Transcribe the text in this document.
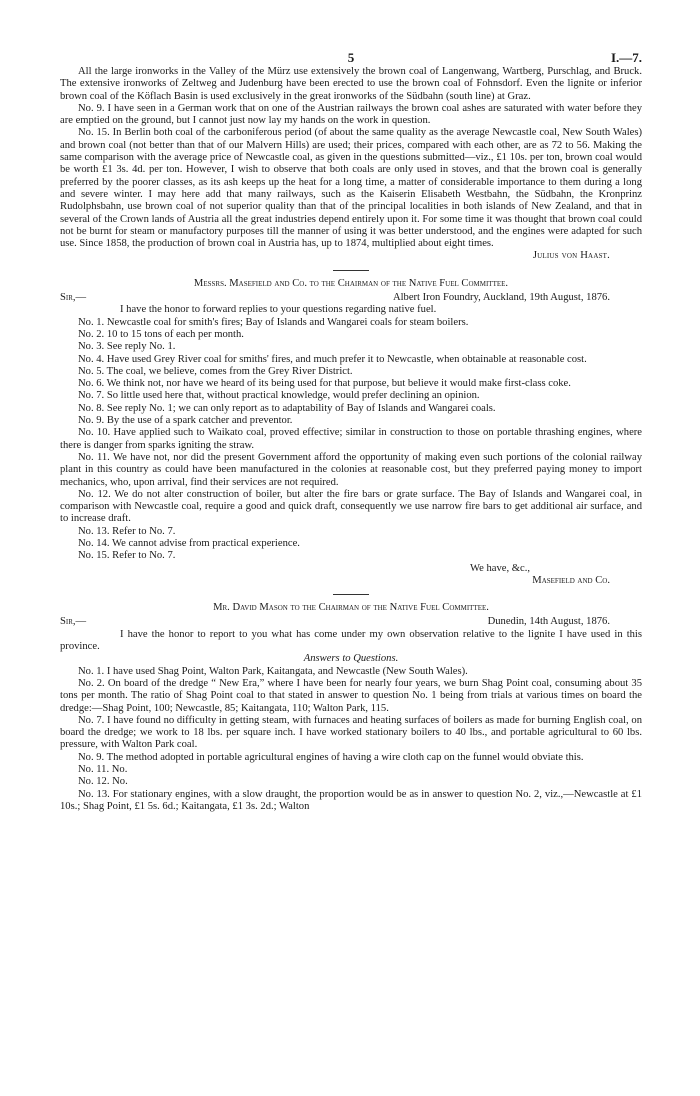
5	I.—7.

All the large ironworks in the Valley of the Mürz use extensively the brown coal of Langenwang, Wartberg, Purschlag, and Bruck. The extensive ironworks of Zeltweg and Judenburg have been erected to use the brown coal of Fohnsdorf. Even the lignite or inferior brown coal of the Köflach Basin is used exclusively in the great ironworks of the Südbahn (south line) at Graz.

No. 9. I have seen in a German work that on one of the Austrian railways the brown coal ashes are saturated with water before they are emptied on the ground, but I cannot just now lay my hands on the work in question.

No. 15. In Berlin both coal of the carboniferous period (of about the same quality as the average Newcastle coal, New South Wales) and brown coal (not better than that of our Malvern Hills) are used; their prices, compared with each other, are as 72 to 56. Making the same comparison with the average price of Newcastle coal, as given in the questions submitted—viz., £1 10s. per ton, brown coal would be worth £1 3s. 4d. per ton. However, I wish to observe that both coals are only used in stoves, and that the brown coal is generally preferred by the poorer classes, as its ash keeps up the heat for a long time, a matter of considerable importance to them during a long and severe winter. I may here add that many railways, such as the Kaiserin Elisabeth Westbahn, the Südbahn, the Kronprinz Rudolphsbahn, use brown coal of not superior quality than that of the principal localities in both islands of New Zealand, and that in several of the Crown lands of Austria all the great industries depend entirely upon it. For some time it was thought that brown coal could not be burnt for steam or manufactory purposes till the manner of using it was better understood, and the engines were adapted for such use. Since 1858, the production of brown coal in Austria has, up to 1874, multiplied about eight times.

Julius von Haast.

Messrs. Masefield and Co. to the Chairman of the Native Fuel Committee.

Sir,—	Albert Iron Foundry, Auckland, 19th August, 1876.

I have the honor to forward replies to your questions regarding native fuel.

No. 1. Newcastle coal for smith's fires; Bay of Islands and Wangarei coals for steam boilers.

No. 2. 10 to 15 tons of each per month.

No. 3. See reply No. 1.

No. 4. Have used Grey River coal for smiths' fires, and much prefer it to Newcastle, when obtainable at reasonable cost.

No. 5. The coal, we believe, comes from the Grey River District.

No. 6. We think not, nor have we heard of its being used for that purpose, but believe it would make first-class coke.

No. 7. So little used here that, without practical knowledge, would prefer declining an opinion.

No. 8. See reply No. 1; we can only report as to adaptability of Bay of Islands and Wangarei coals.

No. 9. By the use of a spark catcher and preventor.

No. 10. Have applied such to Waikato coal, proved effective; similar in construction to those on portable thrashing engines, where there is danger from sparks igniting the straw.

No. 11. We have not, nor did the present Government afford the opportunity of making even such portions of the colonial railway plant in this country as could have been manufactured in the colonies at reasonable cost, but they preferred paying money to import mechanics, who, upon arrival, find their services are not required.

No. 12. We do not alter construction of boiler, but alter the fire bars or grate surface. The Bay of Islands and Wangarei coal, in comparison with Newcastle coal, require a good and quick draft, consequently we use narrow fire bars to get additional air surface, and to increase draft.

No. 13. Refer to No. 7.

No. 14. We cannot advise from practical experience.

No. 15. Refer to No. 7.

We have, &c.,

Masefield and Co.

Mr. David Mason to the Chairman of the Native Fuel Committee.

Sir,—	Dunedin, 14th August, 1876.

I have the honor to report to you what has come under my own observation relative to the lignite I have used in this province.

Answers to Questions.

No. 1. I have used Shag Point, Walton Park, Kaitangata, and Newcastle (New South Wales).

No. 2. On board of the dredge “ New Era,” where I have been for nearly four years, we burn Shag Point coal, consuming about 35 tons per month. The ratio of Shag Point coal to that stated in answer to question No. 1 being from trials at various times on board the dredge:—Shag Point, 100; Newcastle, 85; Kaitangata, 110; Walton Park, 115.

No. 7. I have found no difficulty in getting steam, with furnaces and heating surfaces of boilers as made for burning English coal, on board the dredge; we work to 18 lbs. per square inch. I have worked stationary boilers to 40 lbs., and portable agricultural to 60 lbs. pressure, with Walton Park coal.

No. 9. The method adopted in portable agricultural engines of having a wire cloth cap on the funnel would obviate this.

No. 11. No.

No. 12. No.

No. 13. For stationary engines, with a slow draught, the proportion would be as in answer to question No. 2, viz.,—Newcastle at £1 10s.; Shag Point, £1 5s. 6d.; Kaitangata, £1 3s. 2d.; Walton
